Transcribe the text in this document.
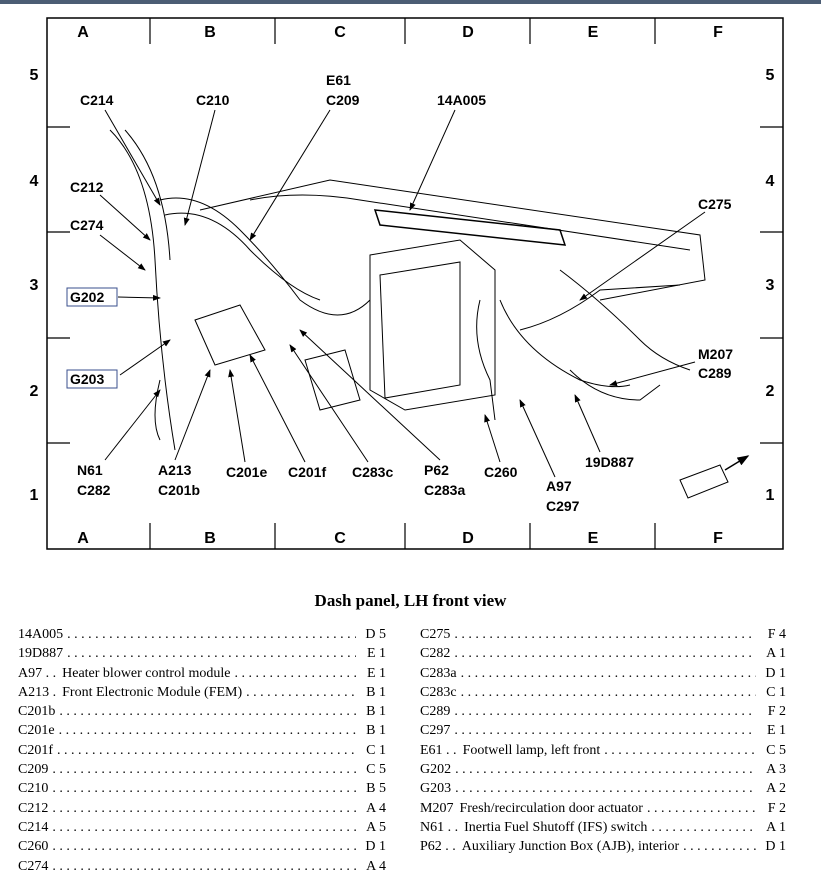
A	B	C	D	E	F
A	B	C	D	E	F
5
4
3
2
1
5
4
3
2
1
C214	C210
E61
C209	14A005
C212
C274
C275
G202
G203
M207
C289
N61
C282
A213
C201b
C201e C201f C283c P62
C283a
C260
19D887
A97
C297
Dash panel, LH front view
14A005 . . .	D 5
19D887 . . .	E 1
A97 . . Heater blower control module . . .	E 1
A213 . Front Electronic Module (FEM) . . .	B 1
C201b . . .	B 1
C201e . . .	B 1
C201f . . .	C 1
C209 . . .	C 5
C210 . . .	B 5
C212 . . .	A 4
C214 . . .	A 5
C260 . . .	D 1
C274 . . .	A 4
C275 . . .	F 4
C282 . . .	A 1
C283a . . .	D 1
C283c . . .	C 1
C289 . . .	F 2
C297 . . .	E 1
E61 . . Footwell lamp, left front . . .	C 5
G202 . . .	A 3
G203 . . .	A 2
M207 Fresh/recirculation door actuator . . .	F 2
N61 . . Inertia Fuel Shutoff (IFS) switch . . .	A 1
P62 . . Auxiliary Junction Box (AJB), interior . . .	D 1
